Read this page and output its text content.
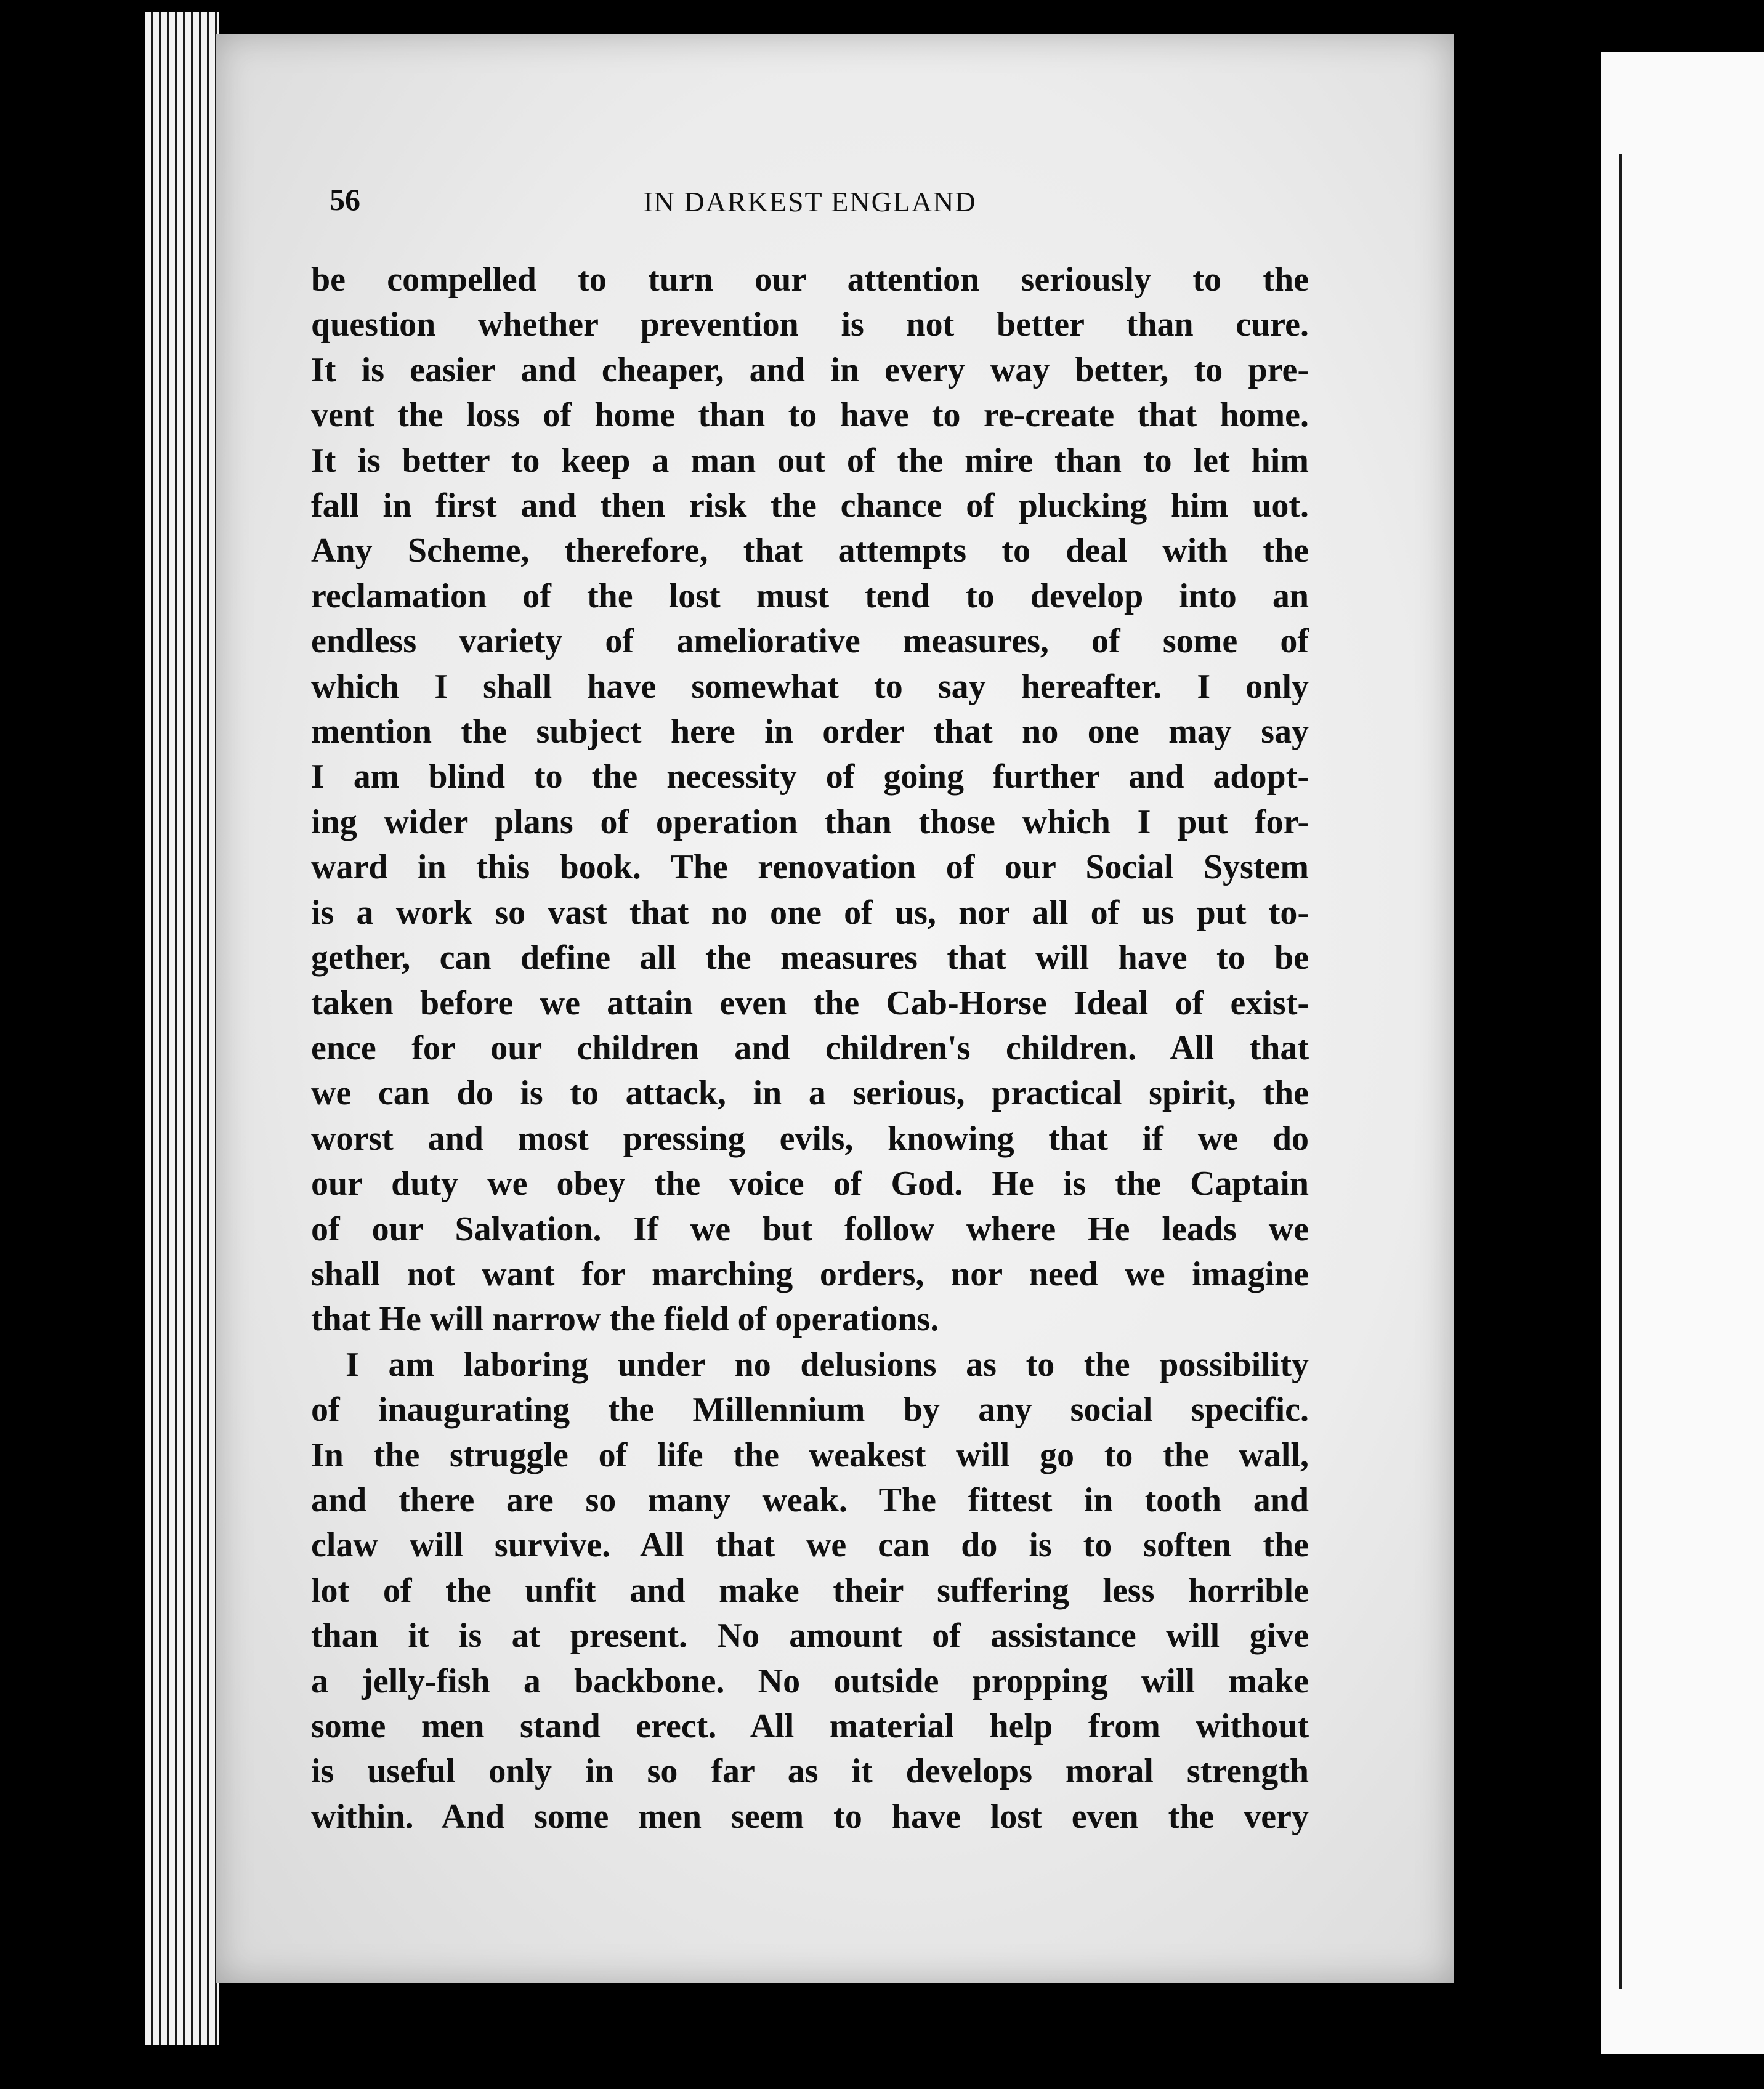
56	IN DARKEST ENGLAND
be compelled to turn our attention seriously to the
question whether prevention is not better than cure.
It is easier and cheaper, and in every way better, to pre-
vent the loss of home than to have to re-create that home.
It is better to keep a man out of the mire than to let him
fall in first and then risk the chance of plucking him uot.
Any Scheme, therefore, that attempts to deal with the
reclamation of the lost must tend to develop into an
endless variety of ameliorative measures, of some of
which I shall have somewhat to say hereafter. I only
mention the subject here in order that no one may say
I am blind to the necessity of going further and adopt-
ing wider plans of operation than those which I put for-
ward in this book. The renovation of our Social System
is a work so vast that no one of us, nor all of us put to-
gether, can define all the measures that will have to be
taken before we attain even the Cab-Horse Ideal of exist-
ence for our children and children's children. All that
we can do is to attack, in a serious, practical spirit, the
worst and most pressing evils, knowing that if we do
our duty we obey the voice of God. He is the Captain
of our Salvation. If we but follow where He leads we
shall not want for marching orders, nor need we imagine
that He will narrow the field of operations.
I am laboring under no delusions as to the possibility
of inaugurating the Millennium by any social specific.
In the struggle of life the weakest will go to the wall,
and there are so many weak. The fittest in tooth and
claw will survive. All that we can do is to soften the
lot of the unfit and make their suffering less horrible
than it is at present. No amount of assistance will give
a jelly-fish a backbone. No outside propping will make
some men stand erect. All material help from without
is useful only in so far as it develops moral strength
within. And some men seem to have lost even the very
